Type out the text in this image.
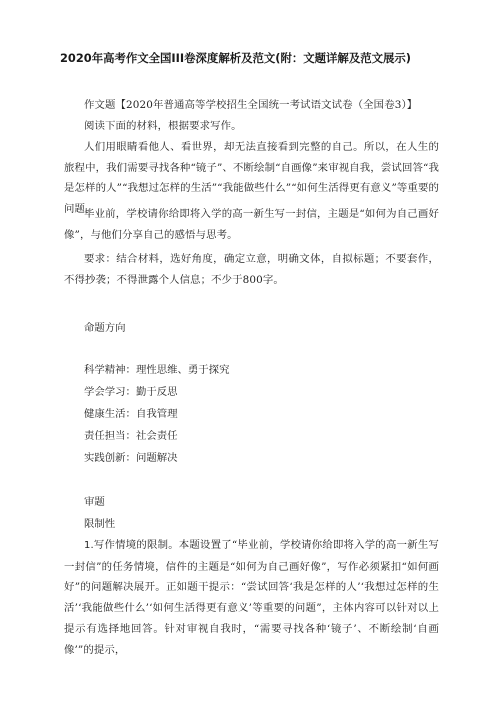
2020年高考作文全国III卷深度解析及范文(附：文题详解及范文展示)
作文题【2020年普通高等学校招生全国统一考试语文试卷（全国卷3）】
阅读下面的材料，根据要求写作。
人们用眼睛看他人、看世界，却无法直接看到完整的自己。所以，在人生的旅程中，我们需要寻找各种“镜子”、不断绘制“自画像”来审视自我，尝试回答“我是怎样的人”“我想过怎样的生活”“我能做些什么”“如何生活得更有意义”等重要的问题。
毕业前，学校请你给即将入学的高一新生写一封信，主题是“如何为自己画好像”，与他们分享自己的感悟与思考。
要求：结合材料，选好角度，确定立意，明确文体，自拟标题；不要套作，不得抄袭；不得泄露个人信息；不少于800字。
命题方向
科学精神：理性思维、勇于探究
学会学习：勤于反思
健康生活：自我管理
责任担当：社会责任
实践创新：问题解决
审题
限制性
1.写作情境的限制。本题设置了“毕业前，学校请你给即将入学的高一新生写一封信”的任务情境，信件的主题是“如何为自己画好像”，写作必须紧扣“如何画好”的问题解决展开。正如题干提示：“尝试回答‘我是怎样的人’‘我想过怎样的生活’‘我能做些什么’‘如何生活得更有意义’等重要的问题”，主体内容可以针对以上提示有选择地回答。针对审视自我时，“需要寻找各种‘镜子’、不断绘制‘自画像’”的提示，
